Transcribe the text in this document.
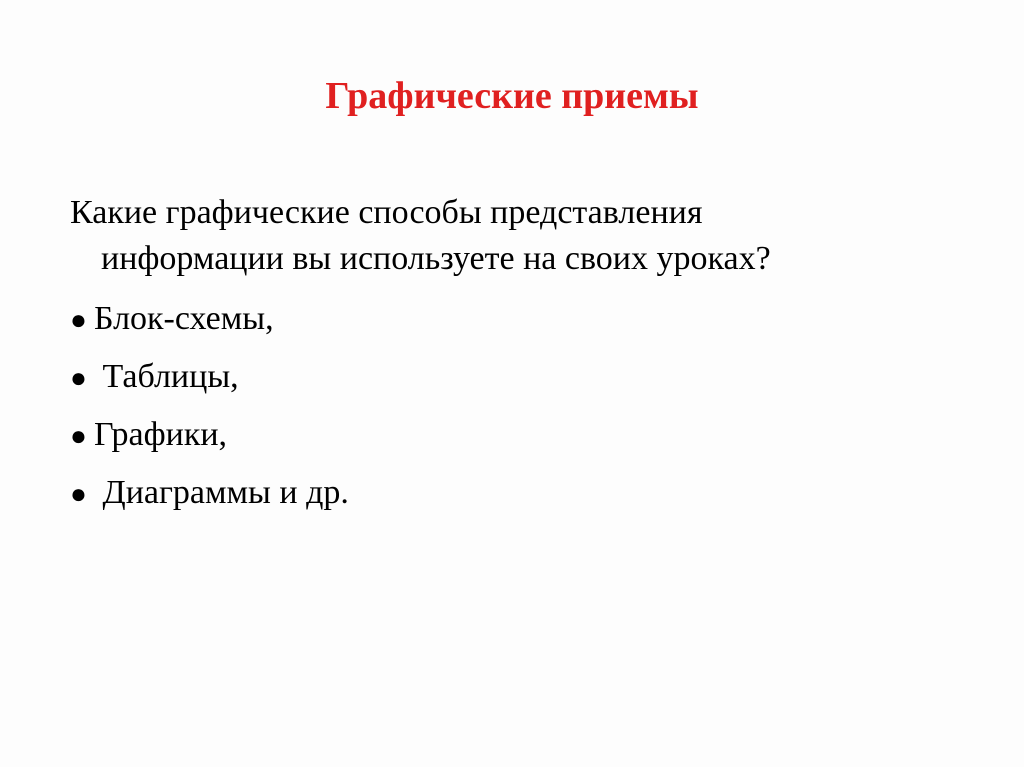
Графические приемы

Какие графические способы представления
информации вы используете на своих уроках?

● Блок-схемы,
● Таблицы,
● Графики,
● Диаграммы и др.
